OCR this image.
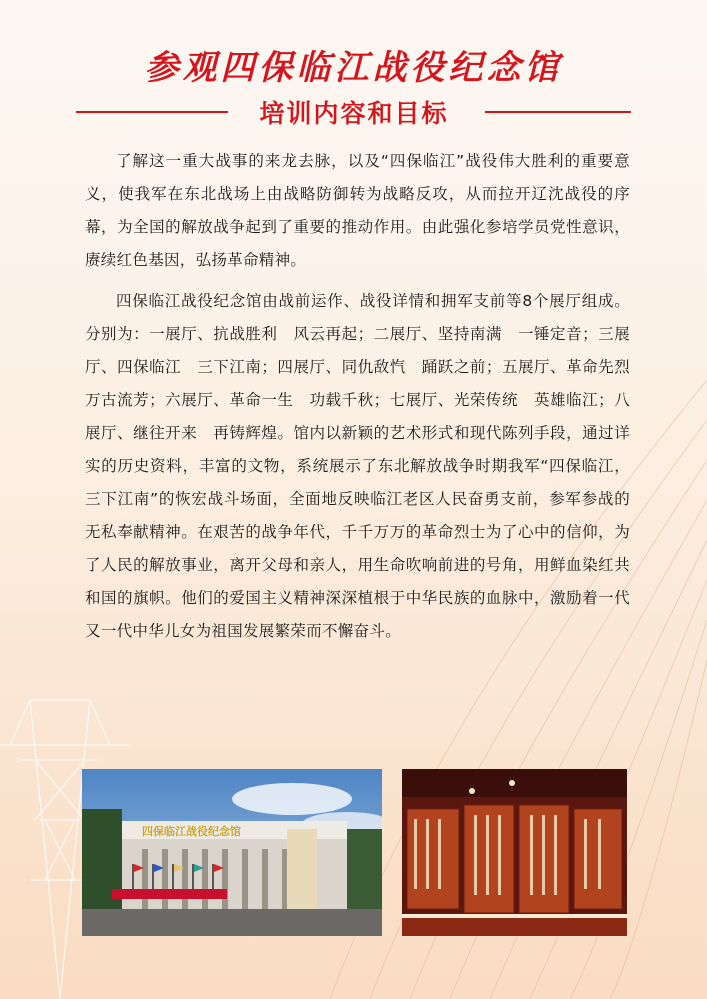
参观四保临江战役纪念馆
培训内容和目标

了解这一重大战事的来龙去脉，以及“四保临江”战役伟大胜利的重要意义，使我军在东北战场上由战略防御转为战略反攻，从而拉开辽沈战役的序幕，为全国的解放战争起到了重要的推动作用。由此强化参培学员党性意识，赓续红色基因，弘扬革命精神。

四保临江战役纪念馆由战前运作、战役详情和拥军支前等8个展厅组成。分别为：一展厅、抗战胜利　风云再起；二展厅、坚持南满　一锤定音；三展厅、四保临江　三下江南；四展厅、同仇敌忾　踊跃之前；五展厅、革命先烈　万古流芳；六展厅、革命一生　功载千秋；七展厅、光荣传统　英雄临江；八展厅、继往开来　再铸辉煌。馆内以新颖的艺术形式和现代陈列手段，通过详实的历史资料，丰富的文物，系统展示了东北解放战争时期我军“四保临江，三下江南”的恢宏战斗场面，全面地反映临江老区人民奋勇支前，参军参战的无私奉献精神。在艰苦的战争年代，千千万万的革命烈士为了心中的信仰，为了人民的解放事业，离开父母和亲人，用生命吹响前进的号角，用鲜血染红共和国的旗帜。他们的爱国主义精神深深植根于中华民族的血脉中，激励着一代又一代中华儿女为祖国发展繁荣而不懈奋斗。

四保临江战役纪念馆
